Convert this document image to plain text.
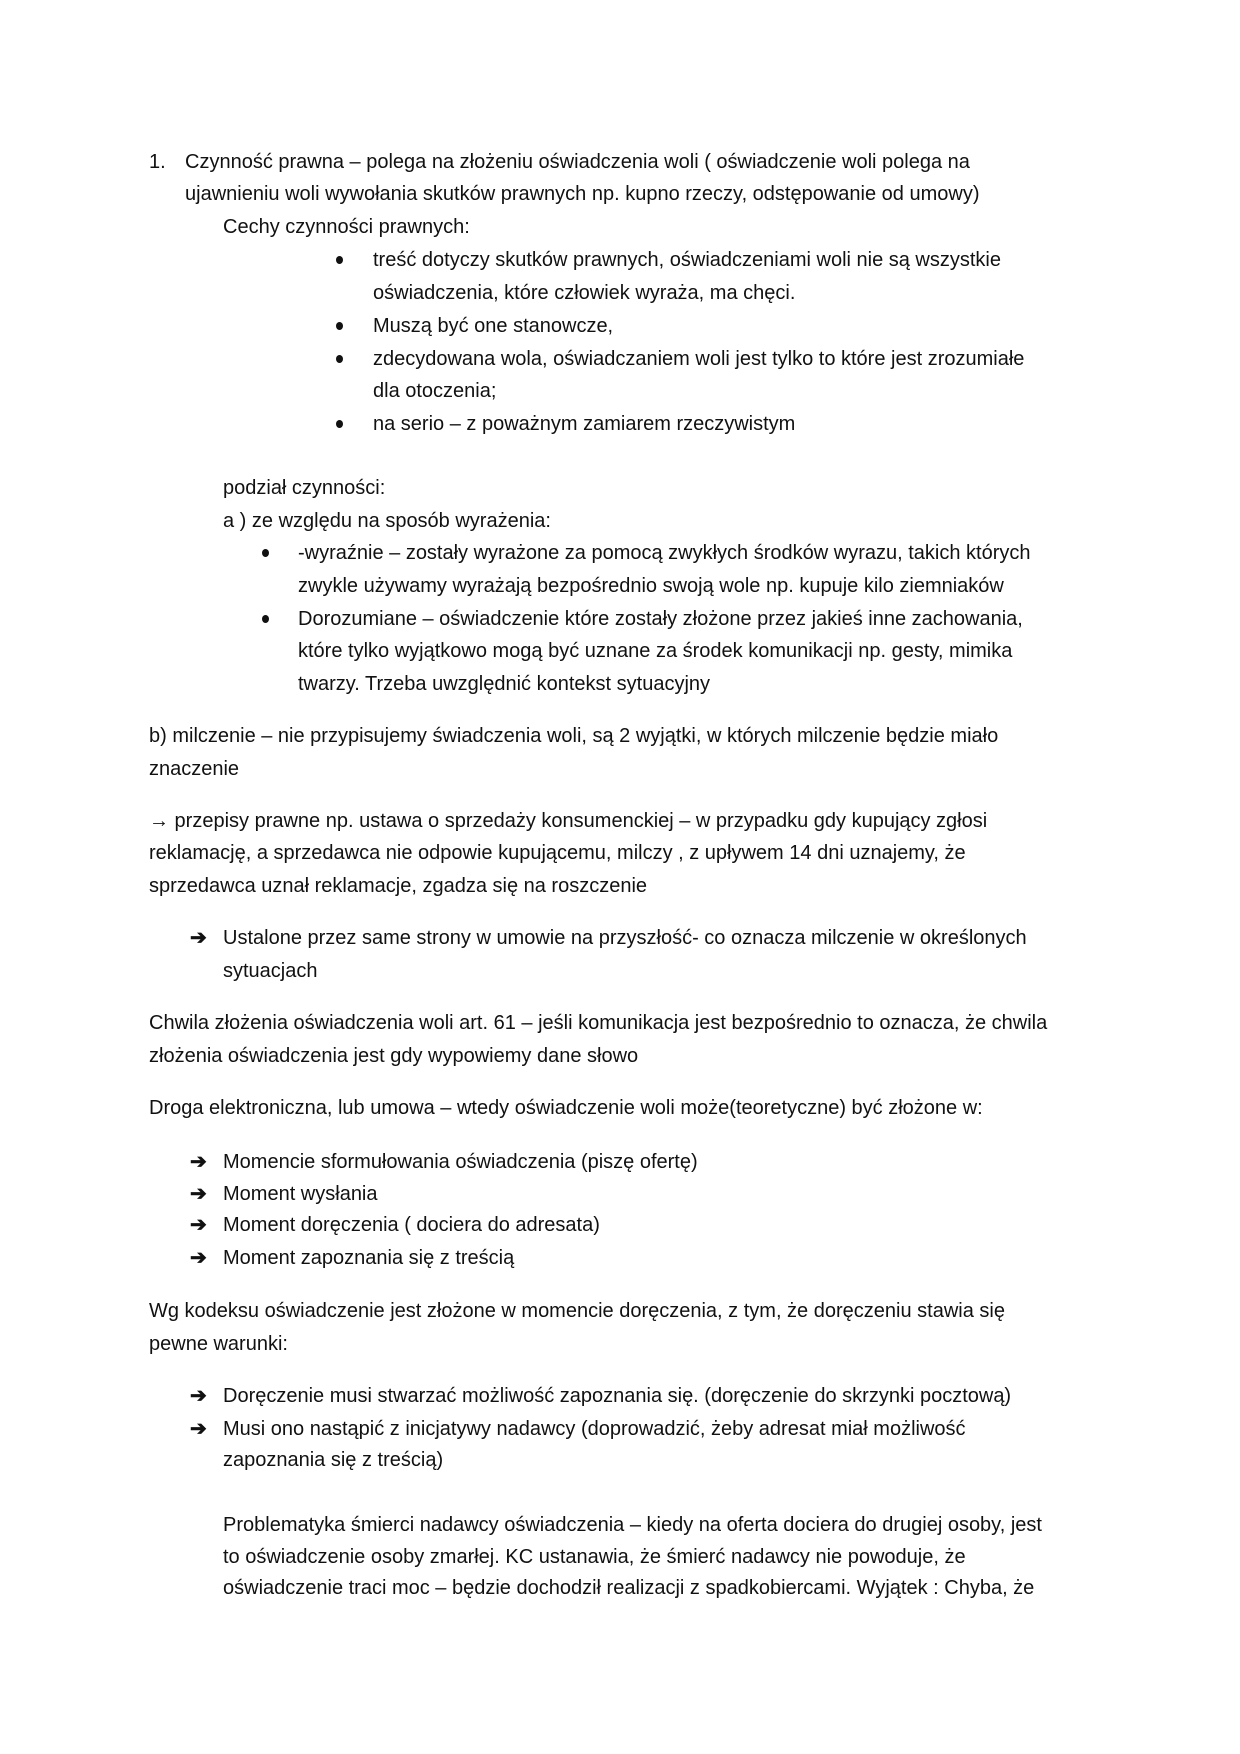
1. Czynność prawna – polega na złożeniu oświadczenia woli ( oświadczenie woli polega na
ujawnieniu woli wywołania skutków prawnych np. kupno rzeczy, odstępowanie od umowy)
Cechy czynności prawnych:
treść dotyczy skutków prawnych, oświadczeniami woli nie są wszystkie
oświadczenia, które człowiek wyraża, ma chęci.
Muszą być one stanowcze,
zdecydowana wola, oświadczaniem woli jest tylko to które jest zrozumiałe
dla otoczenia;
na serio – z poważnym zamiarem rzeczywistym
podział czynności:
a ) ze względu na sposób wyrażenia:
-wyraźnie – zostały wyrażone za pomocą zwykłych środków wyrazu, takich których
zwykle używamy wyrażają bezpośrednio swoją wole np. kupuje kilo ziemniaków
Dorozumiane – oświadczenie które zostały złożone przez jakieś inne zachowania,
które tylko wyjątkowo mogą być uznane za środek komunikacji np. gesty, mimika
twarzy. Trzeba uwzględnić kontekst sytuacyjny
b) milczenie – nie przypisujemy świadczenia woli, są 2 wyjątki, w których milczenie będzie miało
znaczenie
→ przepisy prawne np. ustawa o sprzedaży konsumenckiej – w przypadku gdy kupujący zgłosi
reklamację, a sprzedawca nie odpowie kupującemu, milczy , z upływem 14 dni uznajemy, że
sprzedawca uznał reklamacje, zgadza się na roszczenie
➔ Ustalone przez same strony w umowie na przyszłość- co oznacza milczenie w określonych
sytuacjach
Chwila złożenia oświadczenia woli art. 61 – jeśli komunikacja jest bezpośrednio to oznacza, że chwila
złożenia oświadczenia jest gdy wypowiemy dane słowo
Droga elektroniczna, lub umowa – wtedy oświadczenie woli może(teoretyczne) być złożone w:
➔ Momencie sformułowania oświadczenia (piszę ofertę)
➔ Moment wysłania
➔ Moment doręczenia ( dociera do adresata)
➔ Moment zapoznania się z treścią
Wg kodeksu oświadczenie jest złożone w momencie doręczenia, z tym, że doręczeniu stawia się
pewne warunki:
➔ Doręczenie musi stwarzać możliwość zapoznania się. (doręczenie do skrzynki pocztową)
➔ Musi ono nastąpić z inicjatywy nadawcy (doprowadzić, żeby adresat miał możliwość
zapoznania się z treścią)
Problematyka śmierci nadawcy oświadczenia – kiedy na oferta dociera do drugiej osoby, jest
to oświadczenie osoby zmarłej. KC ustanawia, że śmierć nadawcy nie powoduje, że
oświadczenie traci moc – będzie dochodził realizacji z spadkobiercami. Wyjątek : Chyba, że
